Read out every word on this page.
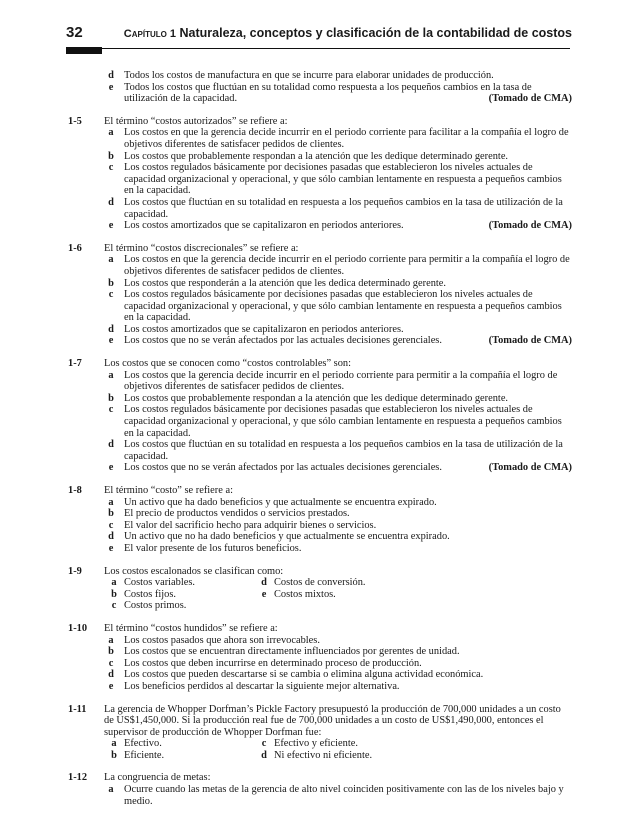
32	Capítulo 1 Naturaleza, conceptos y clasificación de la contabilidad de costos
d Todos los costos de manufactura en que se incurre para elaborar unidades de producción.
e	Todos los costos que fluctúan en su totalidad como respuesta a los pequeños cambios en la tasa de utilización de la capacidad.	(Tomado de CMA)
1-5	El término “costos autorizados” se refiere a:
a	Los costos en que la gerencia decide incurrir en el periodo corriente para facilitar a la compañía el logro de objetivos diferentes de satisfacer pedidos de clientes.
b Los costos que probablemente respondan a la atención que les dedique determinado gerente.
c	Los costos regulados básicamente por decisiones pasadas que establecieron los niveles actuales de capacidad organizacional y operacional, y que sólo cambian lentamente en respuesta a pequeños cambios en la capacidad.
d Los costos que fluctúan en su totalidad en respuesta a los pequeños cambios en la tasa de utilización de la capacidad.
e	Los costos amortizados que se capitalizaron en periodos anteriores.	(Tomado de CMA)
1-6	El término “costos discrecionales” se refiere a:
a	Los costos en que la gerencia decide incurrir en el periodo corriente para permitir a la compañía el logro de objetivos diferentes de satisfacer pedidos de clientes.
b Los costos que responderán a la atención que les dedica determinado gerente.
c	Los costos regulados básicamente por decisiones pasadas que establecieron los niveles actuales de capacidad organizacional y operacional, y que sólo cambian lentamente en respuesta a pequeños cambios en la capacidad.
d Los costos amortizados que se capitalizaron en periodos anteriores.
e	Los costos que no se verán afectados por las actuales decisiones gerenciales.	(Tomado de CMA)
1-7	Los costos que se conocen como “costos controlables” son:
a	Los costos que la gerencia decide incurrir en el periodo corriente para permitir a la compañía el logro de objetivos diferentes de satisfacer pedidos de clientes.
b Los costos que probablemente respondan a la atención que les dedique determinado gerente.
c	Los costos regulados básicamente por decisiones pasadas que establecieron los niveles actuales de capacidad organizacional y operacional, y que sólo cambian lentamente en respuesta a pequeños cambios en la capacidad.
d Los costos que fluctúan en su totalidad en respuesta a los pequeños cambios en la tasa de utilización de la capacidad.
e	Los costos que no se verán afectados por las actuales decisiones gerenciales.	(Tomado de CMA)
1-8	El término “costo” se refiere a:
a	Un activo que ha dado beneficios y que actualmente se encuentra expirado.
b El precio de productos vendidos o servicios prestados.
c	El valor del sacrificio hecho para adquirir bienes o servicios.
d Un activo que no ha dado beneficios y que actualmente se encuentra expirado.
e	El valor presente de los futuros beneficios.
1-9	Los costos escalonados se clasifican como:
a Costos variables.	d Costos de conversión.
b Costos fijos.	e Costos mixtos.
c Costos primos.
1-10	El término “costos hundidos” se refiere a:
a	Los costos pasados que ahora son irrevocables.
b Los costos que se encuentran directamente influenciados por gerentes de unidad.
c	Los costos que deben incurrirse en determinado proceso de producción.
d Los costos que pueden descartarse si se cambia o elimina alguna actividad económica.
e	Los beneficios perdidos al descartar la siguiente mejor alternativa.
1-11	La gerencia de Whopper Dorfman’s Pickle Factory presupuestó la producción de 700,000 unidades a un costo de US$1,450,000. Si la producción real fue de 700,000 unidades a un costo de US$1,490,000, entonces el supervisor de producción de Whopper Dorfman fue:
a Efectivo.	c Efectivo y eficiente.
b Eficiente.	d Ni efectivo ni eficiente.
1-12	La congruencia de metas:
a	Ocurre cuando las metas de la gerencia de alto nivel coinciden positivamente con las de los niveles bajo y medio.
